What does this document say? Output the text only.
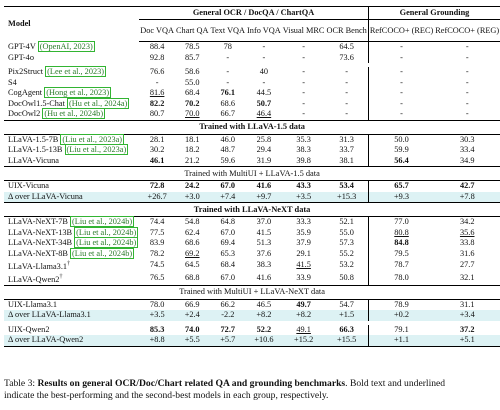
Model	General OCR / DocQA / ChartQA						General Grounding	
	Doc VQA	Chart QA	Text VQA	Info VQA	Visual MRC	OCR Bench	RefCOCO+ (REC)	RefCOCO+ (REG)
GPT-4V (OpenAI, 2023)	88.4	78.5	78	-	-	64.5	-	-
GPT-4o	92.8	85.7	-	-	-	73.6	-	-

Pix2Struct (Lee et al., 2023)	76.6	58.6	-	40	-	-	-	-
S4	-	55.0	-	-	-	-	-	-
CogAgent (Hong et al., 2023)	81.6	68.4	76.1	44.5	-	-	-	-
DocOwl1.5-Chat (Hu et al., 2024a)	82.2	70.2	68.6	50.7	-	-	-	-
DocOwl2 (Hu et al., 2024b)	80.7	70.0	66.7	46.4	-	-	-	-
Trained with LLaVA-1.5 data								
LLaVA-1.5-7B (Liu et al., 2023a)	28.1	18.1	46.0	25.8	35.3	31.3	50.0	30.3
LLaVA-1.5-13B (Liu et al., 2023a)	30.2	18.2	48.7	29.4	38.3	33.7	59.9	33.4
LLaVA-Vicuna	46.1	21.2	59.6	31.9	39.8	38.1	56.4	34.9
Trained with MultiUI + LLaVA-1.5 data								
UIX-Vicuna	72.8	24.2	67.0	41.6	43.3	53.4	65.7	42.7
Δ over LLaVA-Vicuna	+26.7	+3.0	+7.4	+9.7	+3.5	+15.3	+9.3	+7.8
Trained with LLaVA-NeXT data								
LLaVA-NeXT-7B (Liu et al., 2024b)	74.4	54.8	64.8	37.0	33.3	52.1	77.0	34.2
LLaVA-NeXT-13B (Liu et al., 2024b)	77.5	62.4	67.0	41.5	35.9	55.0	80.8	35.6
LLaVA-NeXT-34B (Liu et al., 2024b)	83.9	68.6	69.4	51.3	37.9	57.3	84.8	33.8
LLaVA-NeXT-8B (Liu et al., 2024b)	78.2	69.2	65.3	37.6	29.1	55.2	79.5	31.6
LLaVA-Llama3.1†	74.5	64.5	68.4	38.3	41.5	53.2	78.7	27.7
LLaVA-Qwen2†	76.5	68.8	67.0	41.6	33.9	50.8	78.0	32.1
Trained with MultiUI + LLaVA-NeXT data								
UIX-Llama3.1	78.0	66.9	66.2	46.5	49.7	54.7	78.9	31.1
Δ over LLaVA-Llama3.1	+3.5	+2.4	-2.2	+8.2	+8.2	+1.5	+0.2	+3.4

UIX-Qwen2	85.3	74.0	72.7	52.2	49.1	66.3	79.1	37.2
Δ over LLaVA-Qwen2	+8.8	+5.5	+5.7	+10.6	+15.2	+15.5	+1.1	+5.1
Table 3: Results on general OCR/Doc/Chart related QA and grounding benchmarks. Bold text and underlined indicate the best-performing and the second-best models in each group, respectively.
